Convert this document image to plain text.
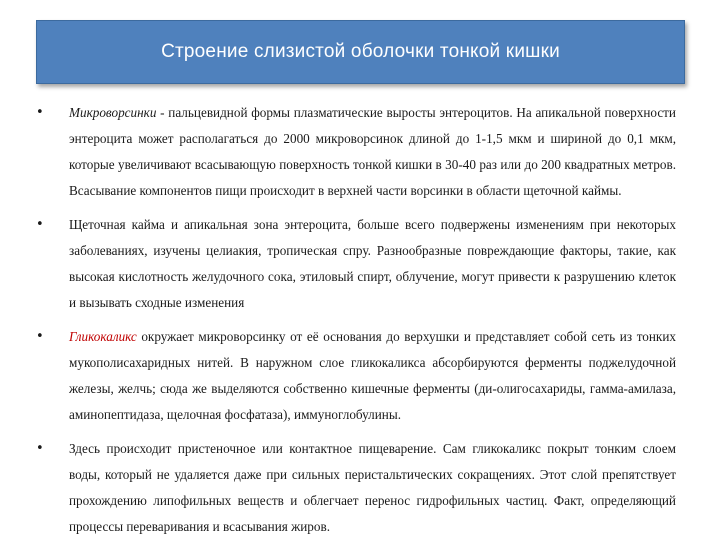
Строение слизистой оболочки тонкой кишки
• Микроворсинки - пальцевидной формы плазматические выросты энтероцитов. На апикальной поверхности энтероцита может располагаться до 2000 микроворсинок длиной до 1-1,5 мкм и шириной до 0,1 мкм, которые увеличивают всасывающую поверхность тонкой кишки в 30-40 раз или до 200 квадратных метров. Всасывание компонентов пищи происходит в верхней части ворсинки в области щеточной каймы.

• Щеточная кайма и апикальная зона энтероцита, больше всего подвержены изменениям при некоторых заболеваниях, изучены целиакия, тропическая спру. Разнообразные повреждающие факторы, такие, как высокая кислотность желудочного сока, этиловый спирт, облучение, могут привести к разрушению клеток и вызывать сходные изменения

• Гликокаликс окружает микроворсинку от её основания до верхушки и представляет собой сеть из тонких мукополисахаридных нитей. В наружном слое гликокаликса абсорбируются ферменты поджелудочной железы, желчь; сюда же выделяются собственно кишечные ферменты (ди-олигосахариды, гамма-амилаза, аминопептидаза, щелочная фосфатаза), иммуноглобулины.

• Здесь происходит пристеночное или контактное пищеварение. Сам гликокаликс покрыт тонким слоем воды, который не удаляется даже при сильных перистальтических сокращениях. Этот слой препятствует прохождению липофильных веществ и облегчает перенос гидрофильных частиц. Факт, определяющий процессы переваривания и всасывания жиров.
